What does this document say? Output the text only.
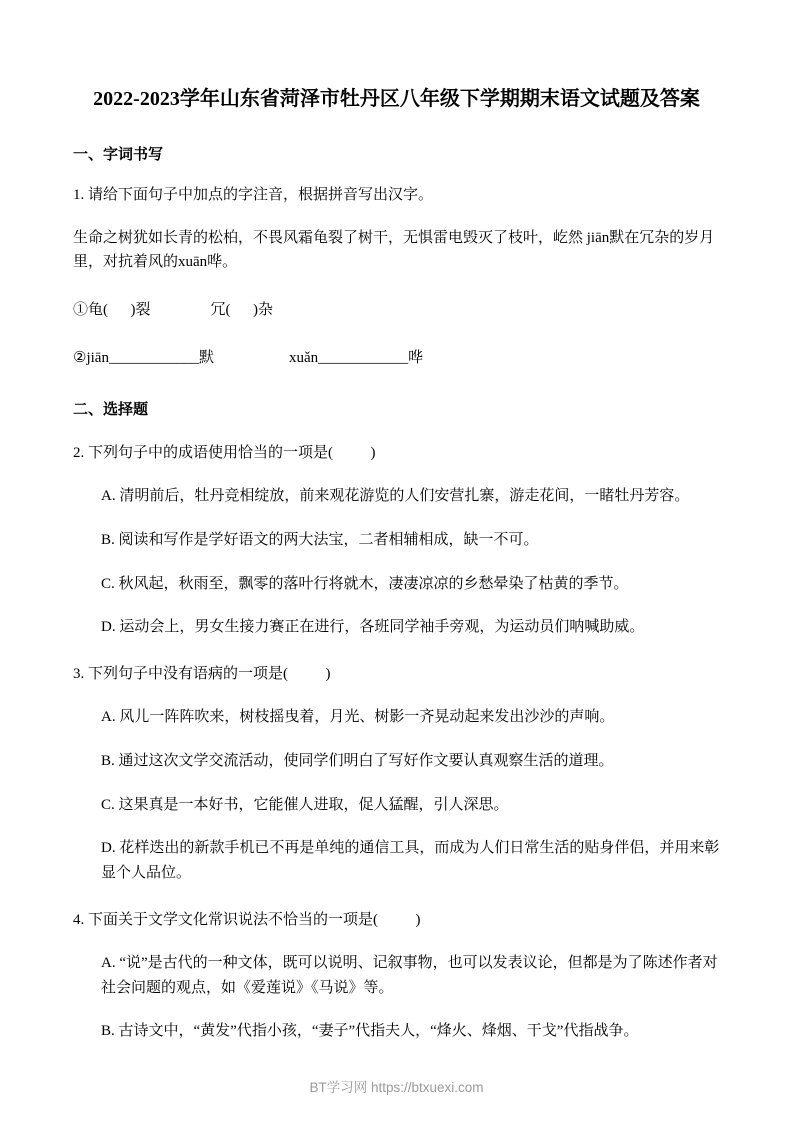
2022-2023学年山东省菏泽市牡丹区八年级下学期期末语文试题及答案
一、字词书写

1. 请给下面句子中加点的字注音，根据拼音写出汉字。

生命之树犹如长青的松柏，不畏风霜龟裂了树干，无惧雷电毁灭了枝叶，屹然 jiān默在冗杂的岁月里，对抗着风的xuān哗。

①龟(      )裂　　　　冗(      )杂

②jiān____________默　　　　　xuǎn____________哗

二、选择题

2. 下列句子中的成语使用恰当的一项是(          )

A. 清明前后，牡丹竞相绽放，前来观花游览的人们安营扎寨，游走花间，一睹牡丹芳容。

B. 阅读和写作是学好语文的两大法宝，二者相辅相成，缺一不可。

C. 秋风起，秋雨至，飘零的落叶行将就木，凄凄凉凉的乡愁晕染了枯黄的季节。

D. 运动会上，男女生接力赛正在进行，各班同学袖手旁观，为运动员们呐喊助威。

3. 下列句子中没有语病的一项是(          )

A. 风儿一阵阵吹来，树枝摇曳着，月光、树影一齐晃动起来发出沙沙的声响。

B. 通过这次文学交流活动，使同学们明白了写好作文要认真观察生活的道理。

C. 这果真是一本好书，它能催人进取，促人猛醒，引人深思。

D. 花样迭出的新款手机已不再是单纯的通信工具，而成为人们日常生活的贴身伴侣，并用来彰显个人品位。

4. 下面关于文学文化常识说法不恰当的一项是(          )

A. “说”是古代的一种文体，既可以说明、记叙事物，也可以发表议论，但都是为了陈述作者对社会问题的观点，如《爱莲说》《马说》等。

B. 古诗文中，“黄发”代指小孩，“妻子”代指夫人，“烽火、烽烟、干戈”代指战争。

BT学习网 https://btxuexi.com
